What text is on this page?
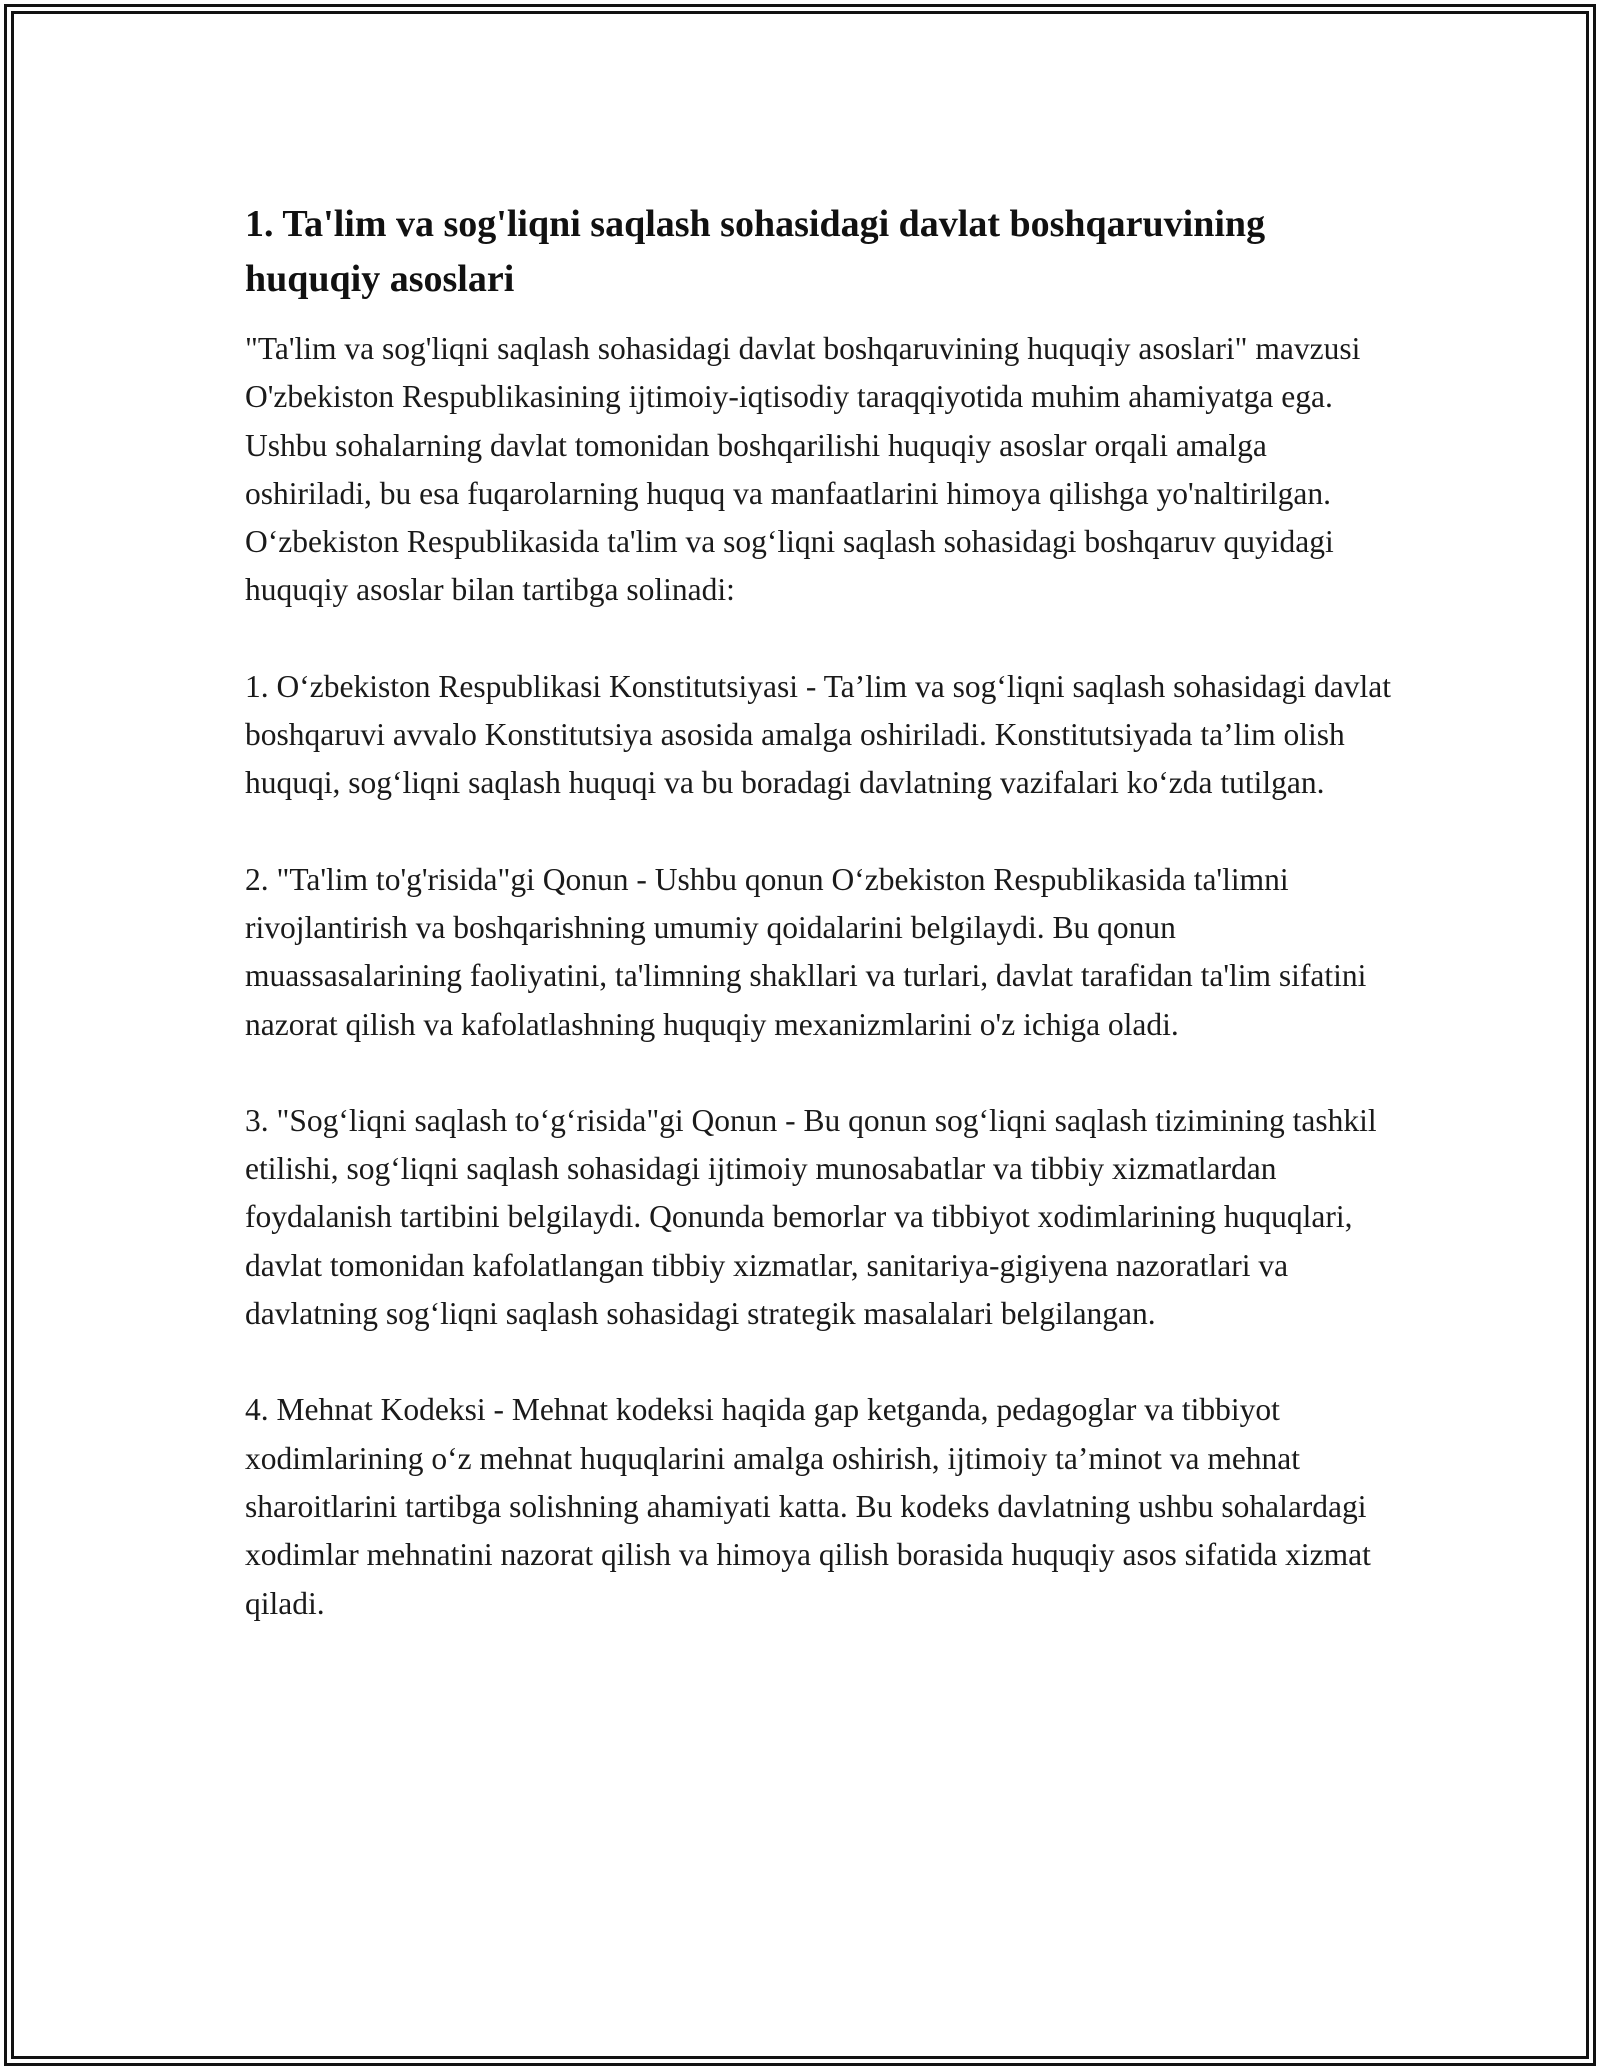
1. Ta'lim va sog'liqni saqlash sohasidagi davlat boshqaruvining huquqiy asoslari

"Ta'lim va sog'liqni saqlash sohasidagi davlat boshqaruvining huquqiy asoslari" mavzusi O'zbekiston Respublikasining ijtimoiy-iqtisodiy taraqqiyotida muhim ahamiyatga ega. Ushbu sohalarning davlat tomonidan boshqarilishi huquqiy asoslar orqali amalga oshiriladi, bu esa fuqarolarning huquq va manfaatlarini himoya qilishga yo'naltirilgan. O‘zbekiston Respublikasida ta'lim va sog‘liqni saqlash sohasidagi boshqaruv quyidagi huquqiy asoslar bilan tartibga solinadi:

1. O‘zbekiston Respublikasi Konstitutsiyasi - Ta’lim va sog‘liqni saqlash sohasidagi davlat boshqaruvi avvalo Konstitutsiya asosida amalga oshiriladi. Konstitutsiyada ta’lim olish huquqi, sog‘liqni saqlash huquqi va bu boradagi davlatning vazifalari ko‘zda tutilgan.

2. "Ta'lim to'g'risida"gi Qonun - Ushbu qonun O‘zbekiston Respublikasida ta'limni rivojlantirish va boshqarishning umumiy qoidalarini belgilaydi. Bu qonun muassasalarining faoliyatini, ta'limning shakllari va turlari, davlat tarafidan ta'lim sifatini nazorat qilish va kafolatlashning huquqiy mexanizmlarini o'z ichiga oladi.

3. "Sog‘liqni saqlash to‘g‘risida"gi Qonun - Bu qonun sog‘liqni saqlash tizimining tashkil etilishi, sog‘liqni saqlash sohasidagi ijtimoiy munosabatlar va tibbiy xizmatlardan foydalanish tartibini belgilaydi. Qonunda bemorlar va tibbiyot xodimlarining huquqlari, davlat tomonidan kafolatlangan tibbiy xizmatlar, sanitariya-gigiyena nazoratlari va davlatning sog‘liqni saqlash sohasidagi strategik masalalari belgilangan.

4. Mehnat Kodeksi - Mehnat kodeksi haqida gap ketganda, pedagoglar va tibbiyot xodimlarining o‘z mehnat huquqlarini amalga oshirish, ijtimoiy ta’minot va mehnat sharoitlarini tartibga solishning ahamiyati katta. Bu kodeks davlatning ushbu sohalardagi xodimlar mehnatini nazorat qilish va himoya qilish borasida huquqiy asos sifatida xizmat qiladi.
